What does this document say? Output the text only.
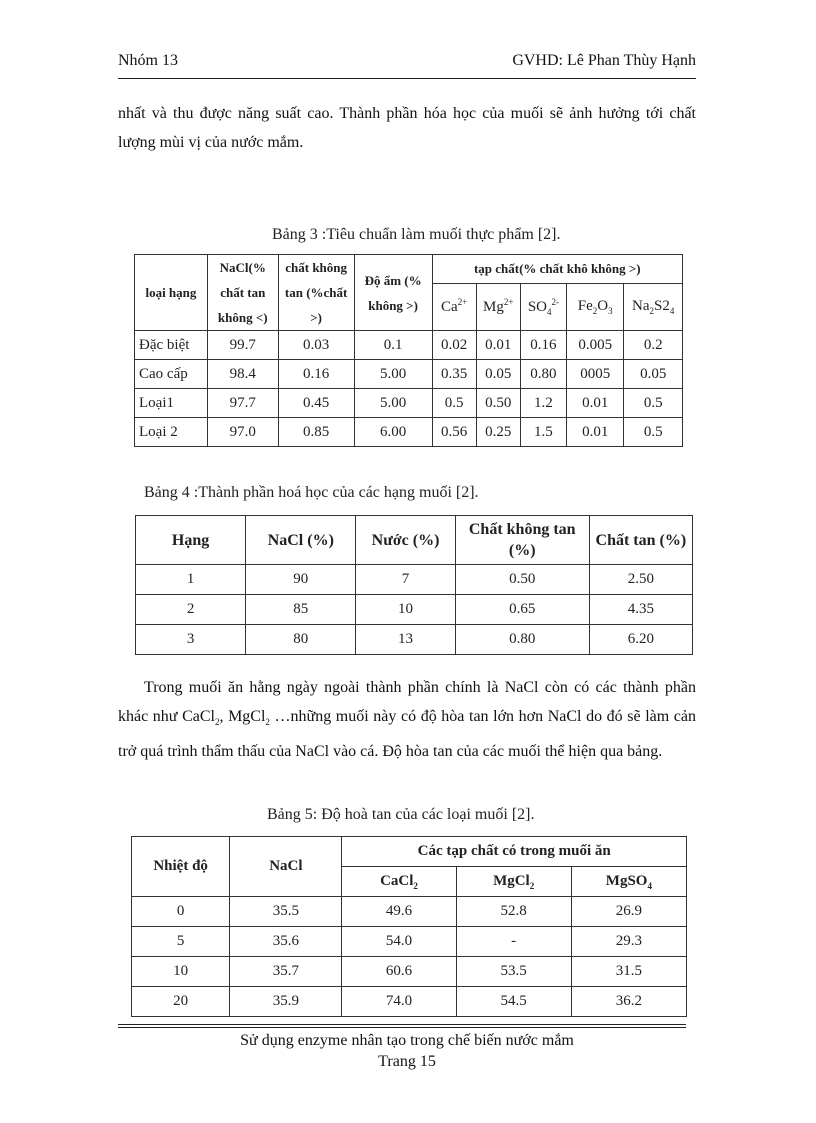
Nhóm 13	GVHD: Lê Phan Thùy Hạnh

nhất và thu được năng suất cao. Thành phần hóa học của muối sẽ ảnh hưởng tới chất lượng mùi vị của nước mắm.

Bảng 3 :Tiêu chuẩn làm muối thực phẩm [2].
loại hạng	NaCl(% chất tan không <)	chất không tan (%chất >)	Độ ẩm (% không >)	tạp chất(% chất khô không >)				
				$Ca^{2+}$	$Mg^{2+}$	$SO_4^{2-}$	$Fe_2O_3$	$Na_2S2_4$
Đặc biệt	99.7	0.03	0.1	0.02	0.01	0.16	0.005	0.2
Cao cấp	98.4	0.16	5.00	0.35	0.05	0.80	0005	0.05
Loại1	97.7	0.45	5.00	0.5	0.50	1.2	0.01	0.5
Loại 2	97.0	0.85	6.00	0.56	0.25	1.5	0.01	0.5
Bảng 4 :Thành phần hoá học của các hạng muối [2].
Hạng	NaCl (%)	Nước (%)	Chất không tan (%)	Chất tan (%)
1	90	7	0.50	2.50
2	85	10	0.65	4.35
3	80	13	0.80	6.20

Trong muối ăn hằng ngày ngoài thành phần chính là NaCl còn có các thành phần khác như CaCl$_2$, MgCl$_2$ …những muối này có độ hòa tan lớn hơn NaCl do đó sẽ làm cản trở quá trình thẩm thấu của NaCl vào cá. Độ hòa tan của các muối thể hiện qua bảng.

Bảng 5: Độ hoà tan của các loại muối [2].
Nhiệt độ	NaCl	Các tạp chất có trong muối ăn		
		CaCl$_2$	MgCl$_2$	MgSO$_4$
0	35.5	49.6	52.8	26.9
5	35.6	54.0	-	29.3
10	35.7	60.6	53.5	31.5
20	35.9	74.0	54.5	36.2
Sử dụng enzyme nhân tạo trong chế biến nước mắm
Trang 15
